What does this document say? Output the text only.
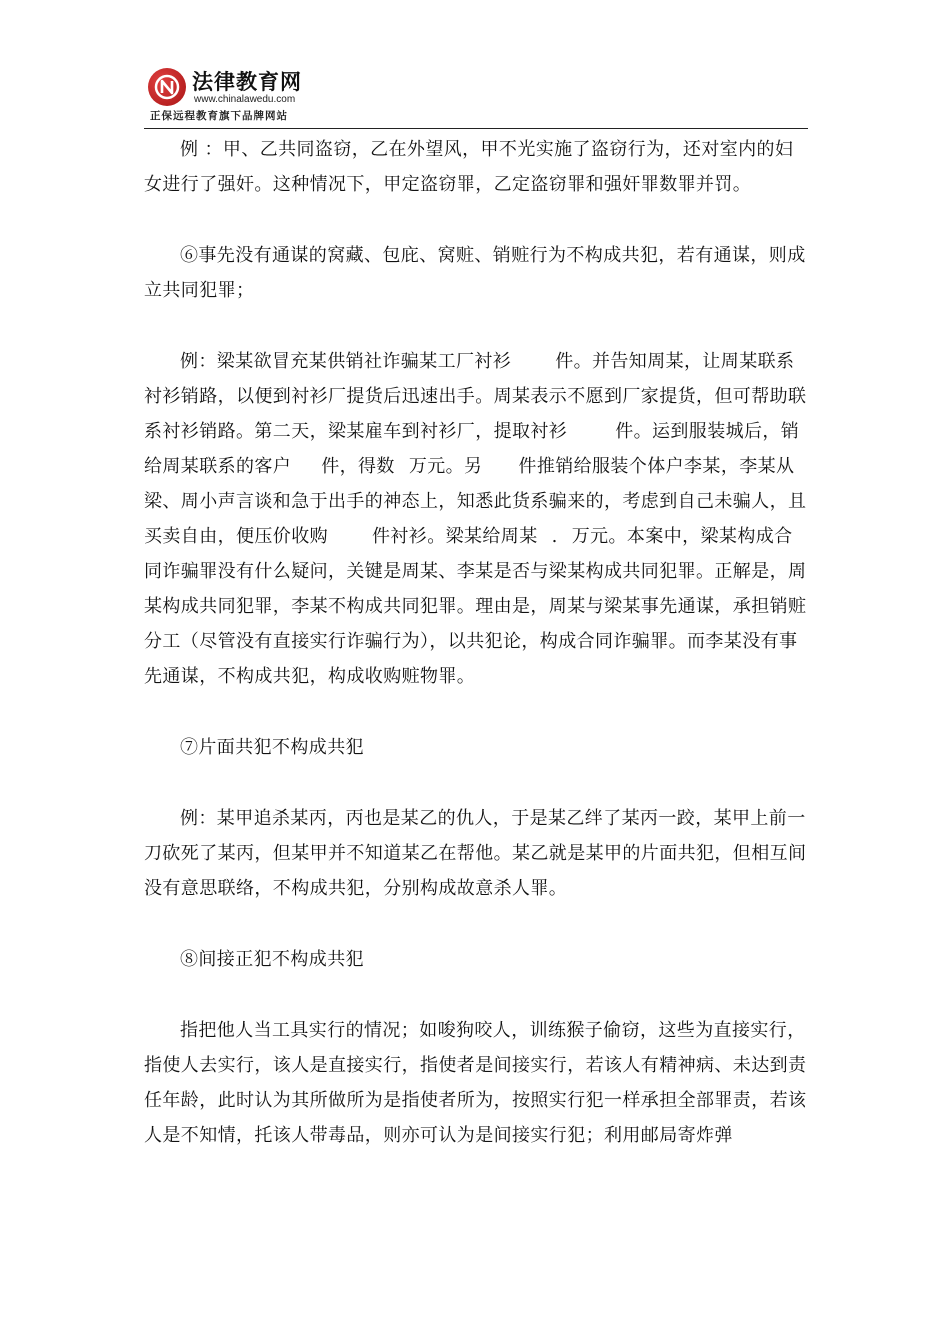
法律教育网
www.chinalawedu.com
正保远程教育旗下品牌网站

例 ：甲、乙共同盗窃，乙在外望风，甲不光实施了盗窃行为，还对室内的妇女进行了强奸。这种情况下，甲定盗窃罪，乙定盗窃罪和强奸罪数罪并罚。

⑥事先没有通谋的窝藏、包庇、窝赃、销赃行为不构成共犯，若有通谋，则成立共同犯罪；

例：梁某欲冒充某供销社诈骗某工厂衬衫 件。并告知周某，让周某联系衬衫销路，以便到衬衫厂提货后迅速出手。周某表示不愿到厂家提货，但可帮助联系衬衫销路。第二天，梁某雇车到衬衫厂，提取衬衫	件。运到服装城后，销给周某联系的客户 件，得数 万元。另 件推销给服装个体户李某，李某从梁、周小声言谈和急于出手的神态上，知悉此货系骗来的，考虑到自己未骗人，且买卖自由，便压价收购 件衬衫。梁某给周某 . 万元。本案中，梁某构成合同诈骗罪没有什么疑问，关键是周某、李某是否与梁某构成共同犯罪。正解是，周某构成共同犯罪，李某不构成共同犯罪。理由是，周某与梁某事先通谋，承担销赃分工（尽管没有直接实行诈骗行为），以共犯论，构成合同诈骗罪。而李某没有事先通谋，不构成共犯，构成收购赃物罪。

⑦片面共犯不构成共犯

例：某甲追杀某丙，丙也是某乙的仇人，于是某乙绊了某丙一跤，某甲上前一刀砍死了某丙，但某甲并不知道某乙在帮他。某乙就是某甲的片面共犯，但相互间没有意思联络，不构成共犯，分别构成故意杀人罪。

⑧间接正犯不构成共犯

指把他人当工具实行的情况；如唆狗咬人，训练猴子偷窃，这些为直接实行，指使人去实行，该人是直接实行，指使者是间接实行，若该人有精神病、未达到责任年龄，此时认为其所做所为是指使者所为，按照实行犯一样承担全部罪责，若该人是不知情，托该人带毒品，则亦可认为是间接实行犯；利用邮局寄炸弹
